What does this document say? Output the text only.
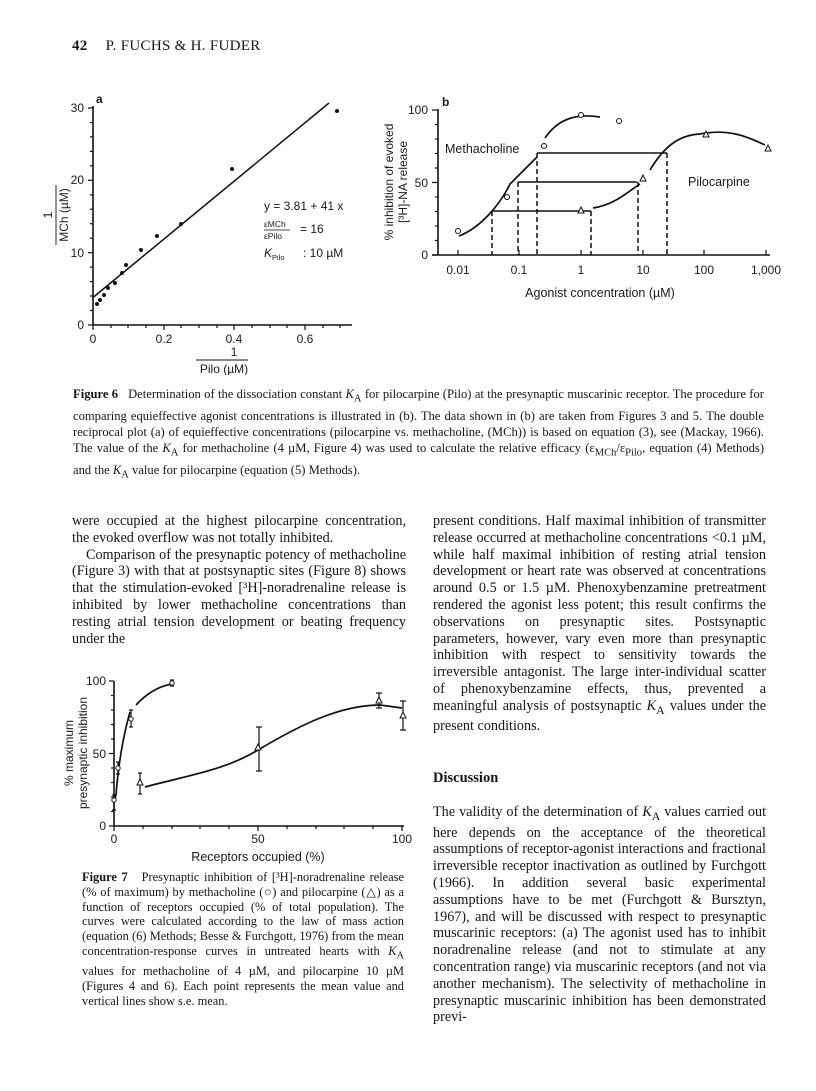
42 P. FUCHS & H. FUDER
0
10
20
30
0	0.2	0.4	0.6
a
y = 3.81 + 41 x
εMCh
εPilo = 16
K Pilo : 10 µM
1 MCh (µM)
1
Pilo (µM)
0
50
100
0.01	0.1	1	10	100	1,000
b
Methacholine
Pilocarpine
% inhibition of evoked [³H]-NA release
Agonist concentration (µM)
Figure 6 Determination of the dissociation constant $K_A$ for pilocarpine (Pilo) at the presynaptic muscarinic receptor. The procedure for comparing equieffective agonist concentrations is illustrated in (b). The data shown in (b) are taken from Figures 3 and 5. The double reciprocal plot (a) of equieffective concentrations (pilocarpine vs. methacholine, (MCh)) is based on equation (3), see (Mackay, 1966). The value of the $K_A$ for methacholine (4 µM, Figure 4) was used to calculate the relative efficacy ($\varepsilon_{MCh}/\varepsilon_{Pilo}$, equation (4) Methods) and the $K_A$ value for pilocarpine (equation (5) Methods).

were occupied at the highest pilocarpine concentration, the evoked overflow was not totally inhibited.

Comparison of the presynaptic potency of methacholine (Figure 3) with that at postsynaptic sites (Figure 8) shows that the stimulation-evoked [³H]-noradrenaline release is inhibited by lower methacholine concentrations than resting atrial tension development or beating frequency under the

0
50
100
0	50	100
% maximum presynaptic inhibition
Receptors occupied (%)
Figure 7 Presynaptic inhibition of [³H]-noradrenaline release (% of maximum) by methacholine (○) and pilocarpine (△) as a function of receptors occupied (% of total population). The curves were calculated according to the law of mass action (equation (6) Methods; Besse & Furchgott, 1976) from the mean concentration-response curves in untreated hearts with $K_A$ values for methacholine of 4 µM, and pilocarpine 10 µM (Figures 4 and 6). Each point represents the mean value and vertical lines show s.e. mean.

present conditions. Half maximal inhibition of transmitter release occurred at methacholine concentrations <0.1 µM, while half maximal inhibition of resting atrial tension development or heart rate was observed at concentrations around 0.5 or 1.5 µM. Phenoxybenzamine pretreatment rendered the agonist less potent; this result confirms the observations on presynaptic sites. Postsynaptic parameters, however, vary even more than presynaptic inhibition with respect to sensitivity towards the irreversible antagonist. The large inter-individual scatter of phenoxybenzamine effects, thus, prevented a meaningful analysis of postsynaptic $K_A$ values under the present conditions.

Discussion

The validity of the determination of $K_A$ values carried out here depends on the acceptance of the theoretical assumptions of receptor-agonist interactions and fractional irreversible receptor inactivation as outlined by Furchgott (1966). In addition several basic experimental assumptions have to be met (Furchgott & Bursztyn, 1967), and will be discussed with respect to presynaptic muscarinic receptors: (a) The agonist used has to inhibit noradrenaline release (and not to stimulate at any concentration range) via muscarinic receptors (and not via another mechanism). The selectivity of methacholine in presynaptic muscarinic inhibition has been demonstrated previ-
